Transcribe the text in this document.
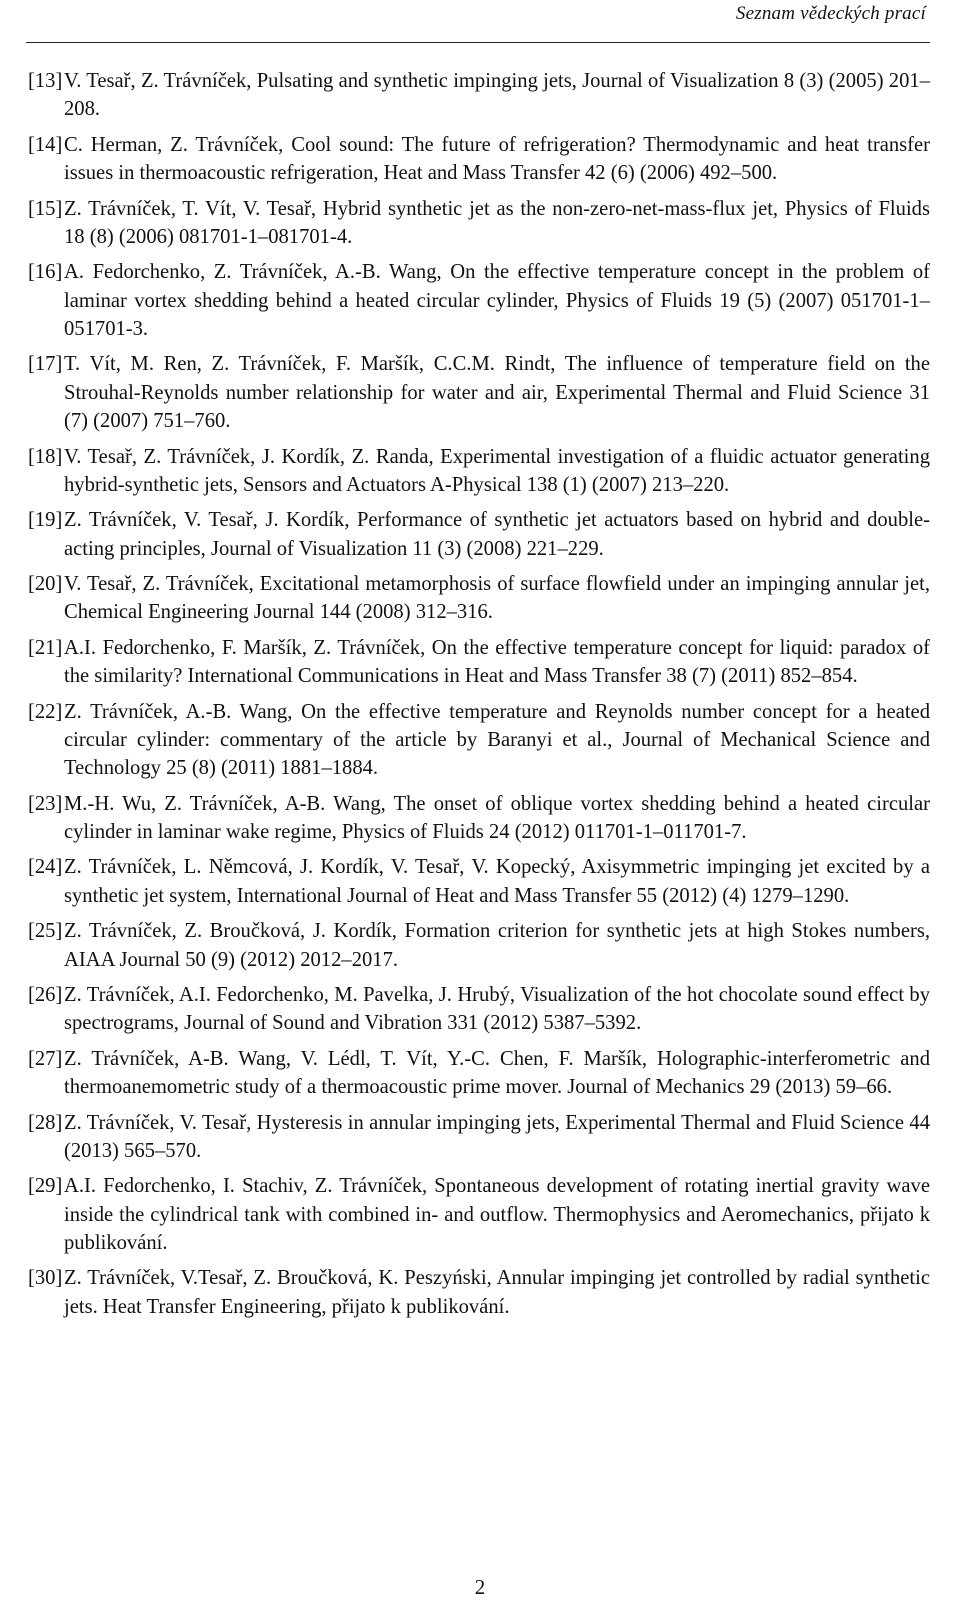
Seznam vědeckých prací
[13] V. Tesař, Z. Trávníček, Pulsating and synthetic impinging jets, Journal of Visualization 8 (3) (2005) 201–208.
[14] C. Herman, Z. Trávníček, Cool sound: The future of refrigeration? Thermodynamic and heat transfer issues in thermoacoustic refrigeration, Heat and Mass Transfer 42 (6) (2006) 492–500.
[15] Z. Trávníček, T. Vít, V. Tesař, Hybrid synthetic jet as the non-zero-net-mass-flux jet, Physics of Fluids 18 (8) (2006) 081701-1–081701-4.
[16] A. Fedorchenko, Z. Trávníček, A.-B. Wang, On the effective temperature concept in the problem of laminar vortex shedding behind a heated circular cylinder, Physics of Fluids 19 (5) (2007) 051701-1–051701-3.
[17] T. Vít, M. Ren, Z. Trávníček, F. Maršík, C.C.M. Rindt, The influence of temperature field on the Strouhal-Reynolds number relationship for water and air, Experimental Thermal and Fluid Science 31 (7) (2007) 751–760.
[18] V. Tesař, Z. Trávníček, J. Kordík, Z. Randa, Experimental investigation of a fluidic actuator generating hybrid-synthetic jets, Sensors and Actuators A-Physical 138 (1) (2007) 213–220.
[19] Z. Trávníček, V. Tesař, J. Kordík, Performance of synthetic jet actuators based on hybrid and double-acting principles, Journal of Visualization 11 (3) (2008) 221–229.
[20] V. Tesař, Z. Trávníček, Excitational metamorphosis of surface flowfield under an impinging annular jet, Chemical Engineering Journal 144 (2008) 312–316.
[21] A.I. Fedorchenko, F. Maršík, Z. Trávníček, On the effective temperature concept for liquid: paradox of the similarity? International Communications in Heat and Mass Transfer 38 (7) (2011) 852–854.
[22] Z. Trávníček, A.-B. Wang, On the effective temperature and Reynolds number concept for a heated circular cylinder: commentary of the article by Baranyi et al., Journal of Mechanical Science and Technology 25 (8) (2011) 1881–1884.
[23] M.-H. Wu, Z. Trávníček, A-B. Wang, The onset of oblique vortex shedding behind a heated circular cylinder in laminar wake regime, Physics of Fluids 24 (2012) 011701-1–011701-7.
[24] Z. Trávníček, L. Němcová, J. Kordík, V. Tesař, V. Kopecký, Axisymmetric impinging jet excited by a synthetic jet system, International Journal of Heat and Mass Transfer 55 (2012) (4) 1279–1290.
[25] Z. Trávníček, Z. Broučková, J. Kordík, Formation criterion for synthetic jets at high Stokes numbers, AIAA Journal 50 (9) (2012) 2012–2017.
[26] Z. Trávníček, A.I. Fedorchenko, M. Pavelka, J. Hrubý, Visualization of the hot chocolate sound effect by spectrograms, Journal of Sound and Vibration 331 (2012) 5387–5392.
[27] Z. Trávníček, A-B. Wang, V. Lédl, T. Vít, Y.-C. Chen, F. Maršík, Holographic-interferometric and thermoanemometric study of a thermoacoustic prime mover. Journal of Mechanics 29 (2013) 59–66.
[28] Z. Trávníček, V. Tesař, Hysteresis in annular impinging jets, Experimental Thermal and Fluid Science 44 (2013) 565–570.
[29] A.I. Fedorchenko, I. Stachiv, Z. Trávníček, Spontaneous development of rotating inertial gravity wave inside the cylindrical tank with combined in- and outflow. Thermophysics and Aeromechanics, přijato k publikování.
[30] Z. Trávníček, V.Tesař, Z. Broučková, K. Peszyński, Annular impinging jet controlled by radial synthetic jets. Heat Transfer Engineering, přijato k publikování.
2
